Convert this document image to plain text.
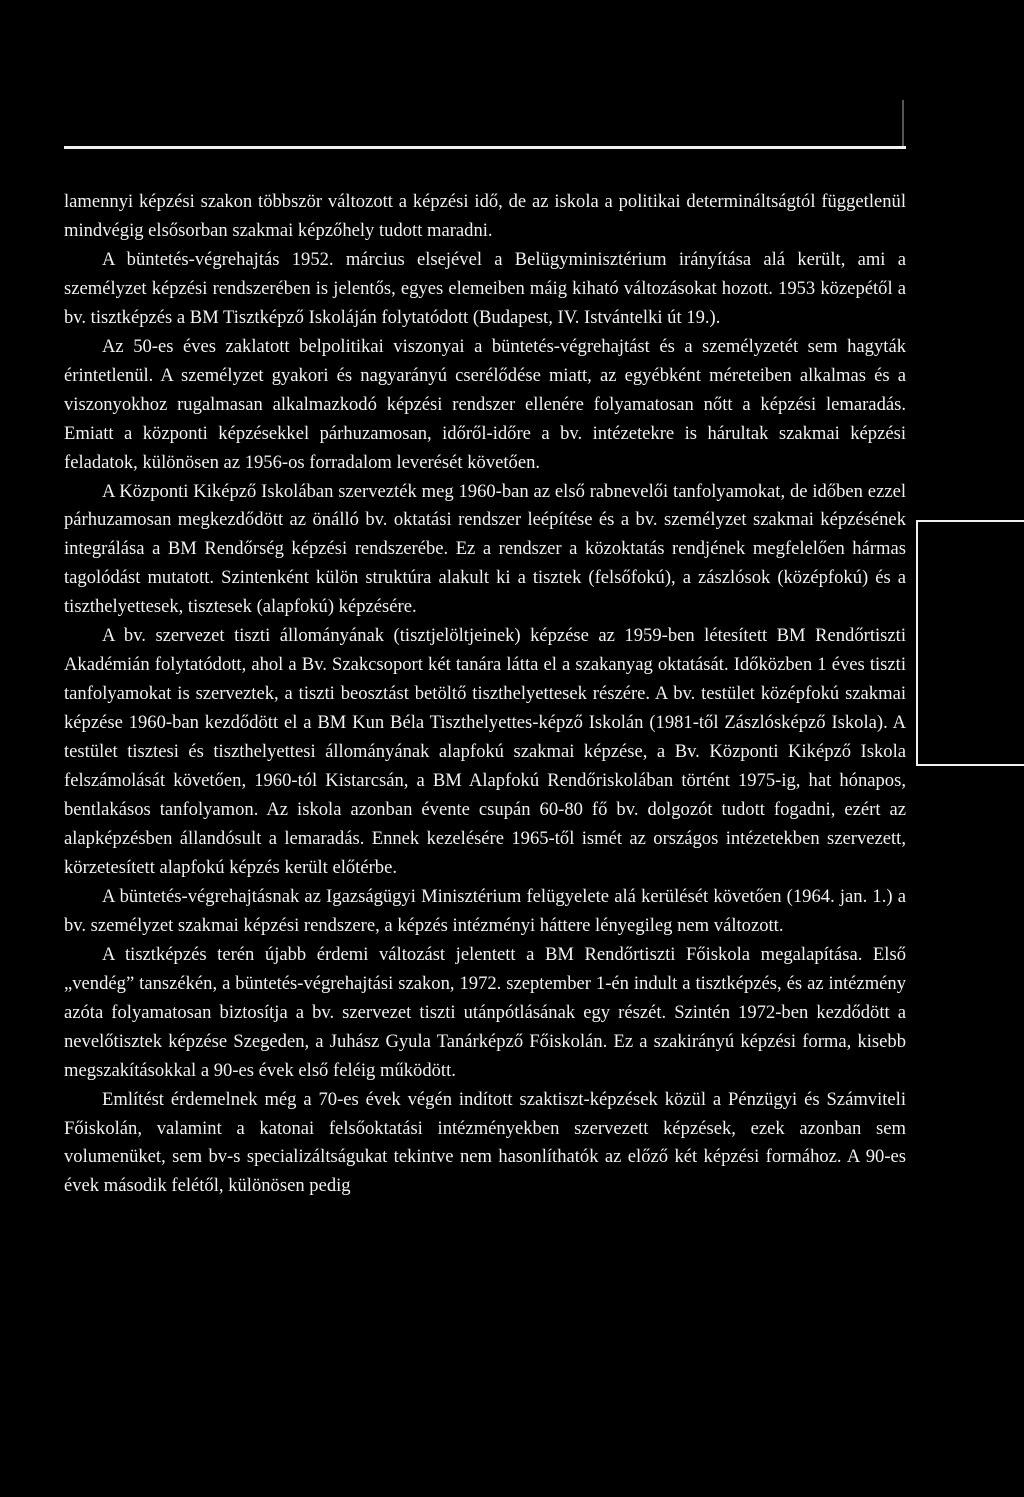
lamennyi képzési szakon többször változott a képzési idő, de az iskola a politikai determináltságtól függetlenül mindvégig elsősorban szakmai képzőhely tudott maradni.

A büntetés-végrehajtás 1952. március elsejével a Belügyminisztérium irányítása alá került, ami a személyzet képzési rendszerében is jelentős, egyes elemeiben máig kiható változásokat hozott. 1953 közepétől a bv. tisztképzés a BM Tisztképző Iskoláján folytatódott (Budapest, IV. Istvántelki út 19.).

Az 50-es éves zaklatott belpolitikai viszonyai a büntetés-végrehajtást és a személyzetét sem hagyták érintetlenül. A személyzet gyakori és nagyarányú cserélődése miatt, az egyébként méreteiben alkalmas és a viszonyokhoz rugalmasan alkalmazkodó képzési rendszer ellenére folyamatosan nőtt a képzési lemaradás. Emiatt a központi képzésekkel párhuzamosan, időről-időre a bv. intézetekre is hárultak szakmai képzési feladatok, különösen az 1956-os forradalom leverését követően.

A Központi Kiképző Iskolában szervezték meg 1960-ban az első rabnevelői tanfolyamokat, de időben ezzel párhuzamosan megkezdődött az önálló bv. oktatási rendszer leépítése és a bv. személyzet szakmai képzésének integrálása a BM Rendőrség képzési rendszerébe. Ez a rendszer a közoktatás rendjének megfelelően hármas tagolódást mutatott. Szintenként külön struktúra alakult ki a tisztek (felsőfokú), a zászlósok (középfokú) és a tiszthelyettesek, tisztesek (alapfokú) képzésére.

A bv. szervezet tiszti állományának (tisztjelöltjeinek) képzése az 1959-ben létesített BM Rendőrtiszti Akadémián folytatódott, ahol a Bv. Szakcsoport két tanára látta el a szakanyag oktatását. Időközben 1 éves tiszti tanfolyamokat is szerveztek, a tiszti beosztást betöltő tiszthelyettesek részére. A bv. testület középfokú szakmai képzése 1960-ban kezdődött el a BM Kun Béla Tiszthelyettes-képző Iskolán (1981-től Zászlósképző Iskola). A testület tisztesi és tiszthelyettesi állományának alapfokú szakmai képzése, a Bv. Központi Kiképző Iskola felszámolását követően, 1960-tól Kistarcsán, a BM Alapfokú Rendőriskolában történt 1975-ig, hat hónapos, bentlakásos tanfolyamon. Az iskola azonban évente csupán 60-80 fő bv. dolgozót tudott fogadni, ezért az alapképzésben állandósult a lemaradás. Ennek kezelésére 1965-től ismét az országos intézetekben szervezett, körzetesített alapfokú képzés került előtérbe.

A büntetés-végrehajtásnak az Igazságügyi Minisztérium felügyelete alá kerülését követően (1964. jan. 1.) a bv. személyzet szakmai képzési rendszere, a képzés intézményi háttere lényegileg nem változott.

A tisztképzés terén újabb érdemi változást jelentett a BM Rendőrtiszti Főiskola megalapítása. Első „vendég” tanszékén, a büntetés-végrehajtási szakon, 1972. szeptember 1-én indult a tisztképzés, és az intézmény azóta folyamatosan biztosítja a bv. szervezet tiszti utánpótlásának egy részét. Szintén 1972-ben kezdődött a nevelőtisztek képzése Szegeden, a Juhász Gyula Tanárképző Főiskolán. Ez a szakirányú képzési forma, kisebb megszakításokkal a 90-es évek első feléig működött.

Említést érdemelnek még a 70-es évek végén indított szaktiszt-képzések közül a Pénzügyi és Számviteli Főiskolán, valamint a katonai felsőoktatási intézményekben szervezett képzések, ezek azonban sem volumenüket, sem bv-s specializáltságukat tekintve nem hasonlíthatók az előző két képzési formához. A 90-es évek második felétől, különösen pedig
